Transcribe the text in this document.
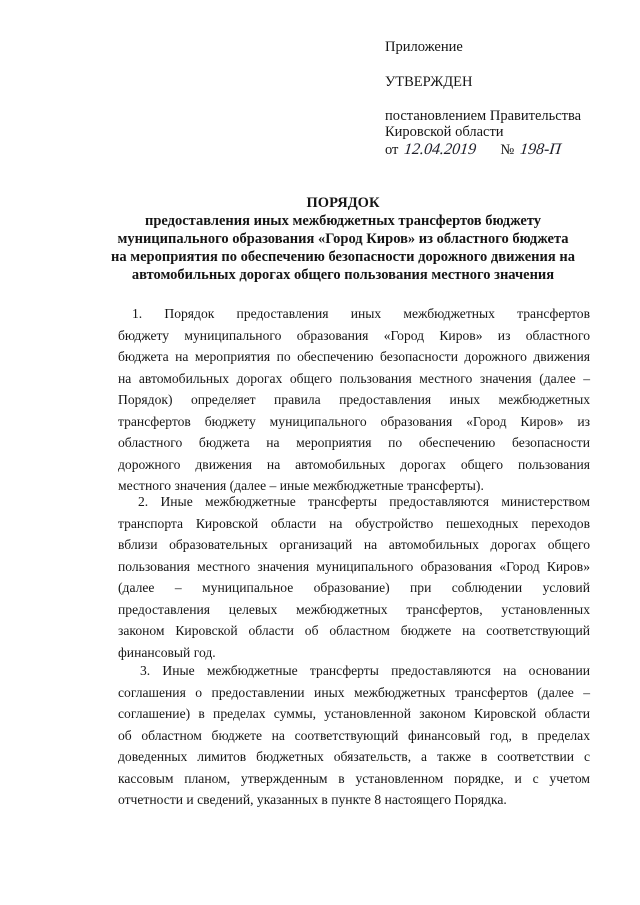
Приложение
УТВЕРЖДЕН
постановлением Правительства
Кировской области
от 12.04.2019 № 198-П
ПОРЯДОК
предоставления иных межбюджетных трансфертов бюджету
муниципального образования «Город Киров» из областного бюджета
на мероприятия по обеспечению безопасности дорожного движения на
автомобильных дорогах общего пользования местного значения
1. Порядок предоставления иных межбюджетных трансфертов
бюджету муниципального образования «Город Киров» из областного
бюджета на мероприятия по обеспечению безопасности дорожного движения
на автомобильных дорогах общего пользования местного значения (далее –
Порядок) определяет правила предоставления иных межбюджетных
трансфертов бюджету муниципального образования «Город Киров» из
областного бюджета на мероприятия по обеспечению безопасности
дорожного движения на автомобильных дорогах общего пользования
местного значения (далее – иные межбюджетные трансферты).
2. Иные межбюджетные трансферты предоставляются министерством
транспорта Кировской области на обустройство пешеходных переходов
вблизи образовательных организаций на автомобильных дорогах общего
пользования местного значения муниципального образования «Город Киров»
(далее – муниципальное образование) при соблюдении условий
предоставления целевых межбюджетных трансфертов, установленных
законом Кировской области об областном бюджете на соответствующий
финансовый год.
3. Иные межбюджетные трансферты предоставляются на основании
соглашения о предоставлении иных межбюджетных трансфертов (далее –
соглашение) в пределах суммы, установленной законом Кировской области
об областном бюджете на соответствующий финансовый год, в пределах
доведенных лимитов бюджетных обязательств, а также в соответствии с
кассовым планом, утвержденным в установленном порядке, и с учетом
отчетности и сведений, указанных в пункте 8 настоящего Порядка.
